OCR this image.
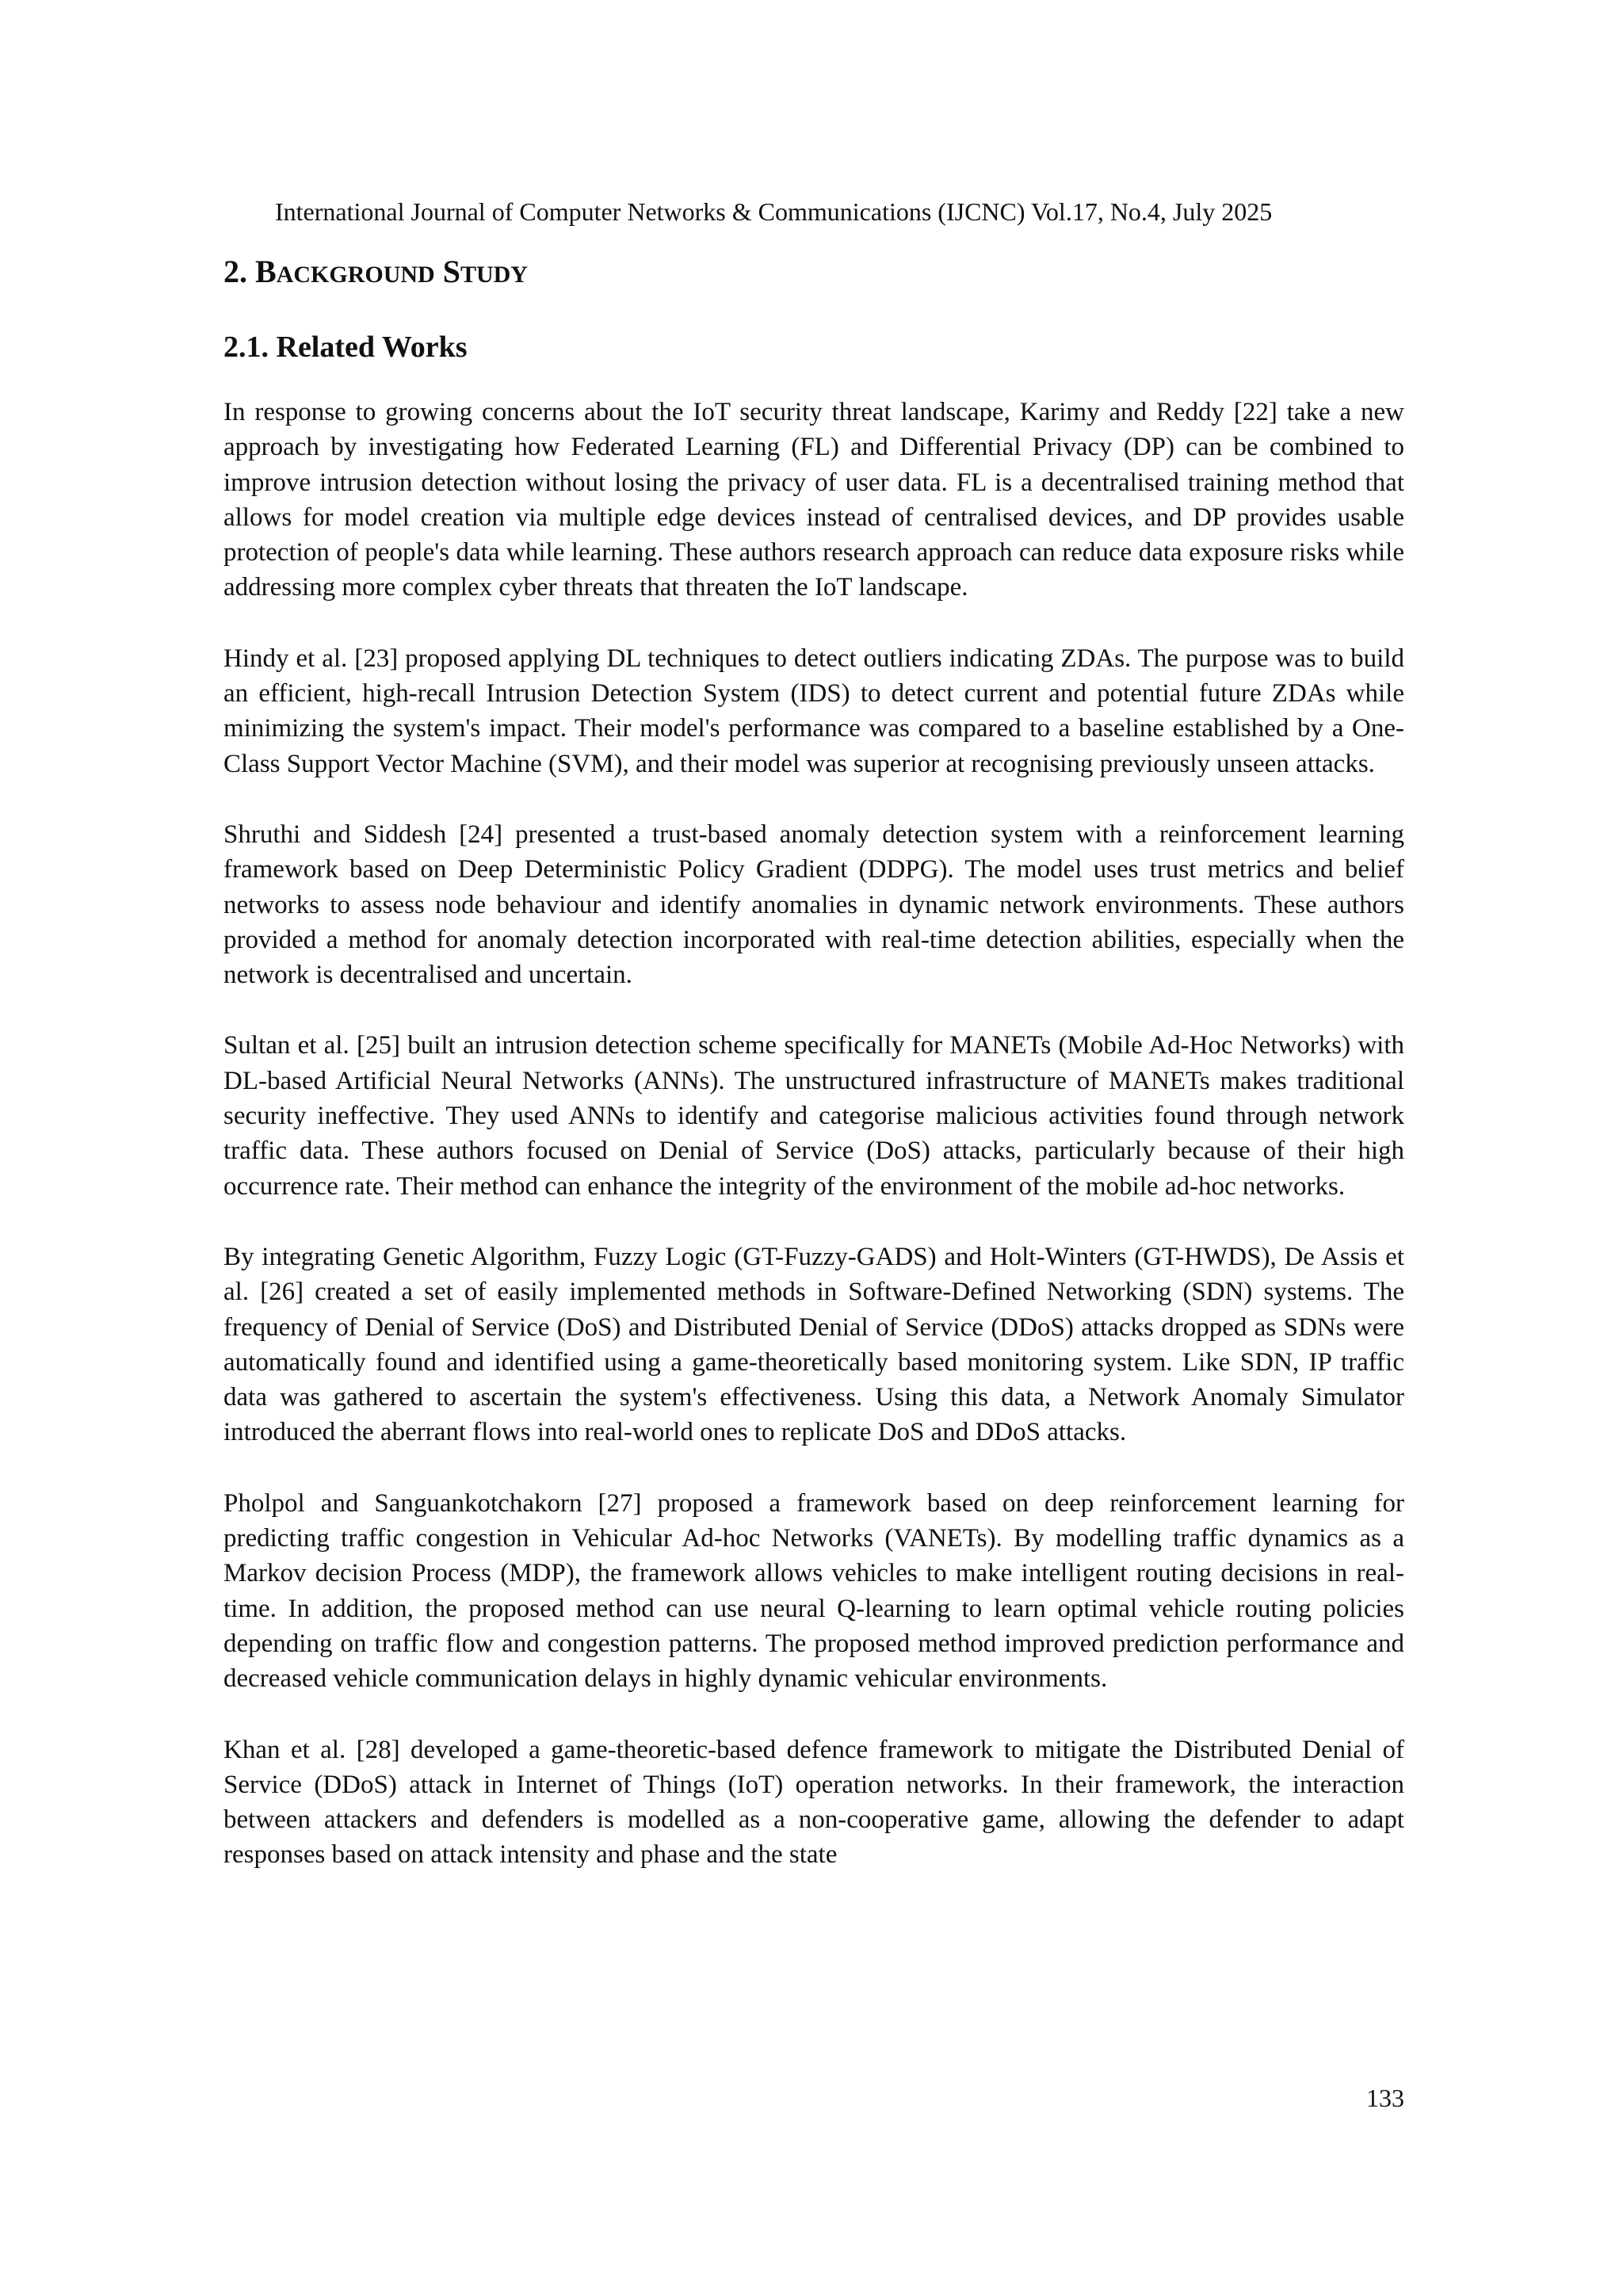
International Journal of Computer Networks & Communications (IJCNC) Vol.17, No.4, July 2025
2. BACKGROUND STUDY
2.1. Related Works

In response to growing concerns about the IoT security threat landscape, Karimy and Reddy [22] take a new approach by investigating how Federated Learning (FL) and Differential Privacy (DP) can be combined to improve intrusion detection without losing the privacy of user data. FL is a decentralised training method that allows for model creation via multiple edge devices instead of centralised devices, and DP provides usable protection of people's data while learning. These authors research approach can reduce data exposure risks while addressing more complex cyber threats that threaten the IoT landscape.

Hindy et al. [23] proposed applying DL techniques to detect outliers indicating ZDAs. The purpose was to build an efficient, high-recall Intrusion Detection System (IDS) to detect current and potential future ZDAs while minimizing the system's impact. Their model's performance was compared to a baseline established by a One-Class Support Vector Machine (SVM), and their model was superior at recognising previously unseen attacks.

Shruthi and Siddesh [24] presented a trust-based anomaly detection system with a reinforcement learning framework based on Deep Deterministic Policy Gradient (DDPG). The model uses trust metrics and belief networks to assess node behaviour and identify anomalies in dynamic network environments. These authors provided a method for anomaly detection incorporated with real-time detection abilities, especially when the network is decentralised and uncertain.

Sultan et al. [25] built an intrusion detection scheme specifically for MANETs (Mobile Ad-Hoc Networks) with DL-based Artificial Neural Networks (ANNs). The unstructured infrastructure of MANETs makes traditional security ineffective. They used ANNs to identify and categorise malicious activities found through network traffic data. These authors focused on Denial of Service (DoS) attacks, particularly because of their high occurrence rate. Their method can enhance the integrity of the environment of the mobile ad-hoc networks.

By integrating Genetic Algorithm, Fuzzy Logic (GT-Fuzzy-GADS) and Holt-Winters (GT-HWDS), De Assis et al. [26] created a set of easily implemented methods in Software-Defined Networking (SDN) systems. The frequency of Denial of Service (DoS) and Distributed Denial of Service (DDoS) attacks dropped as SDNs were automatically found and identified using a game-theoretically based monitoring system. Like SDN, IP traffic data was gathered to ascertain the system's effectiveness. Using this data, a Network Anomaly Simulator introduced the aberrant flows into real-world ones to replicate DoS and DDoS attacks.

Pholpol and Sanguankotchakorn [27] proposed a framework based on deep reinforcement learning for predicting traffic congestion in Vehicular Ad-hoc Networks (VANETs). By modelling traffic dynamics as a Markov decision Process (MDP), the framework allows vehicles to make intelligent routing decisions in real-time. In addition, the proposed method can use neural Q-learning to learn optimal vehicle routing policies depending on traffic flow and congestion patterns. The proposed method improved prediction performance and decreased vehicle communication delays in highly dynamic vehicular environments.

Khan et al. [28] developed a game-theoretic-based defence framework to mitigate the Distributed Denial of Service (DDoS) attack in Internet of Things (IoT) operation networks. In their framework, the interaction between attackers and defenders is modelled as a non-cooperative game, allowing the defender to adapt responses based on attack intensity and phase and the state

133
